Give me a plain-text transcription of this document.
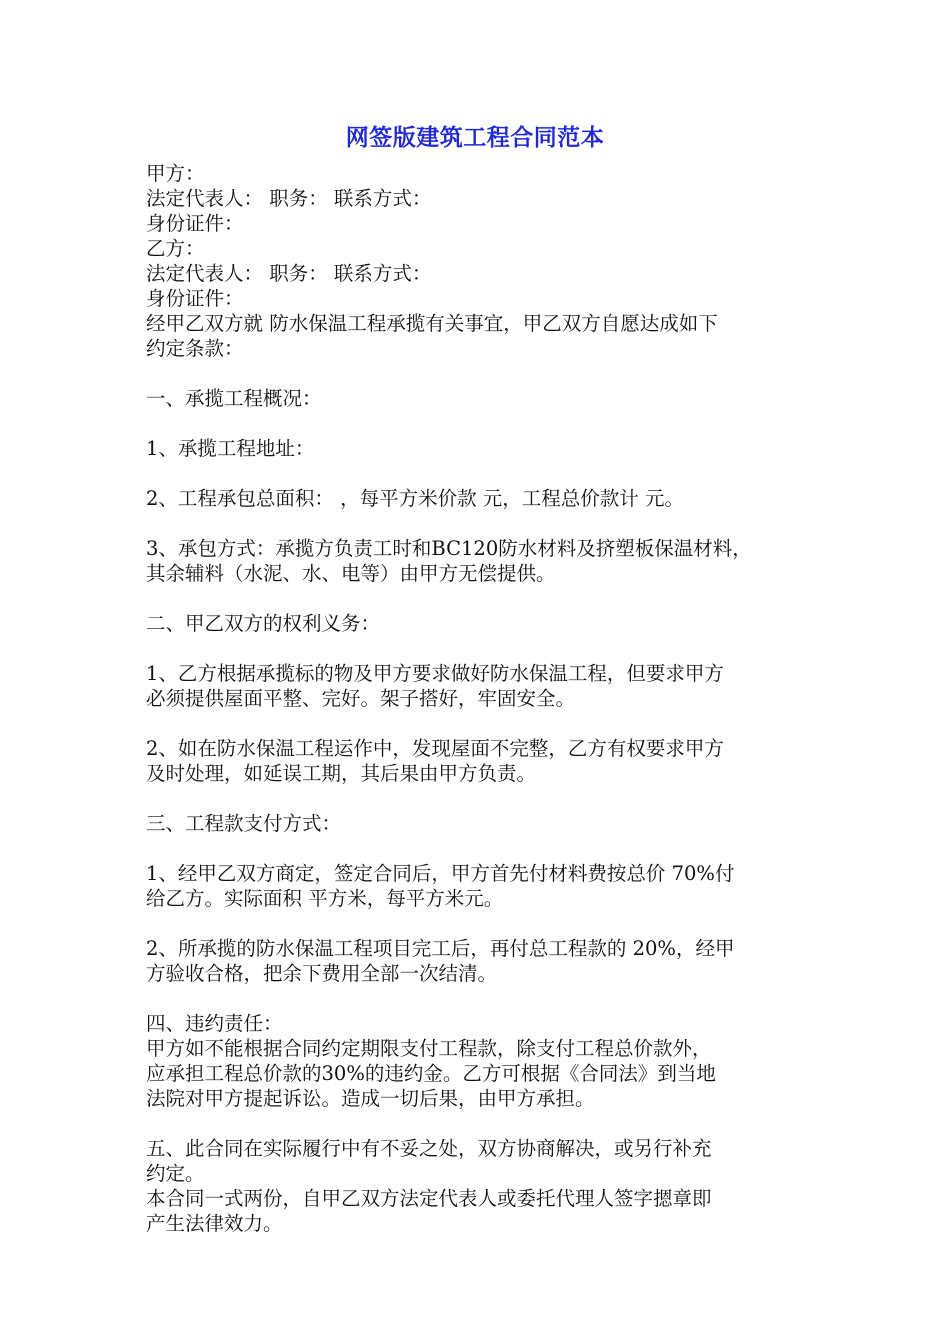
网签版建筑工程合同范本
甲方：
法定代表人： 职务： 联系方式：
身份证件：
乙方：
法定代表人： 职务： 联系方式：
身份证件：
经甲乙双方就 防水保温工程承揽有关事宜，甲乙双方自愿达成如下
约定条款：
一、承揽工程概况：
1、承揽工程地址：
2、工程承包总面积： ，每平方米价款 元，工程总价款计 元。
3、承包方式：承揽方负责工时和BC120防水材料及挤塑板保温材料，
其余辅料（水泥、水、电等）由甲方无偿提供。
二、甲乙双方的权利义务：
1、乙方根据承揽标的物及甲方要求做好防水保温工程，但要求甲方
必须提供屋面平整、完好。架子搭好，牢固安全。
2、如在防水保温工程运作中，发现屋面不完整，乙方有权要求甲方
及时处理，如延误工期，其后果由甲方负责。
三、工程款支付方式：
1、经甲乙双方商定，签定合同后，甲方首先付材料费按总价 70%付
给乙方。实际面积 平方米，每平方米元。
2、所承揽的防水保温工程项目完工后，再付总工程款的 20%，经甲
方验收合格，把余下费用全部一次结清。
四、违约责任：
甲方如不能根据合同约定期限支付工程款，除支付工程总价款外，
应承担工程总价款的30%的违约金。乙方可根据《合同法》到当地
法院对甲方提起诉讼。造成一切后果，由甲方承担。
五、此合同在实际履行中有不妥之处，双方协商解决，或另行补充
约定。
本合同一式两份，自甲乙双方法定代表人或委托代理人签字摁章即
产生法律效力。
